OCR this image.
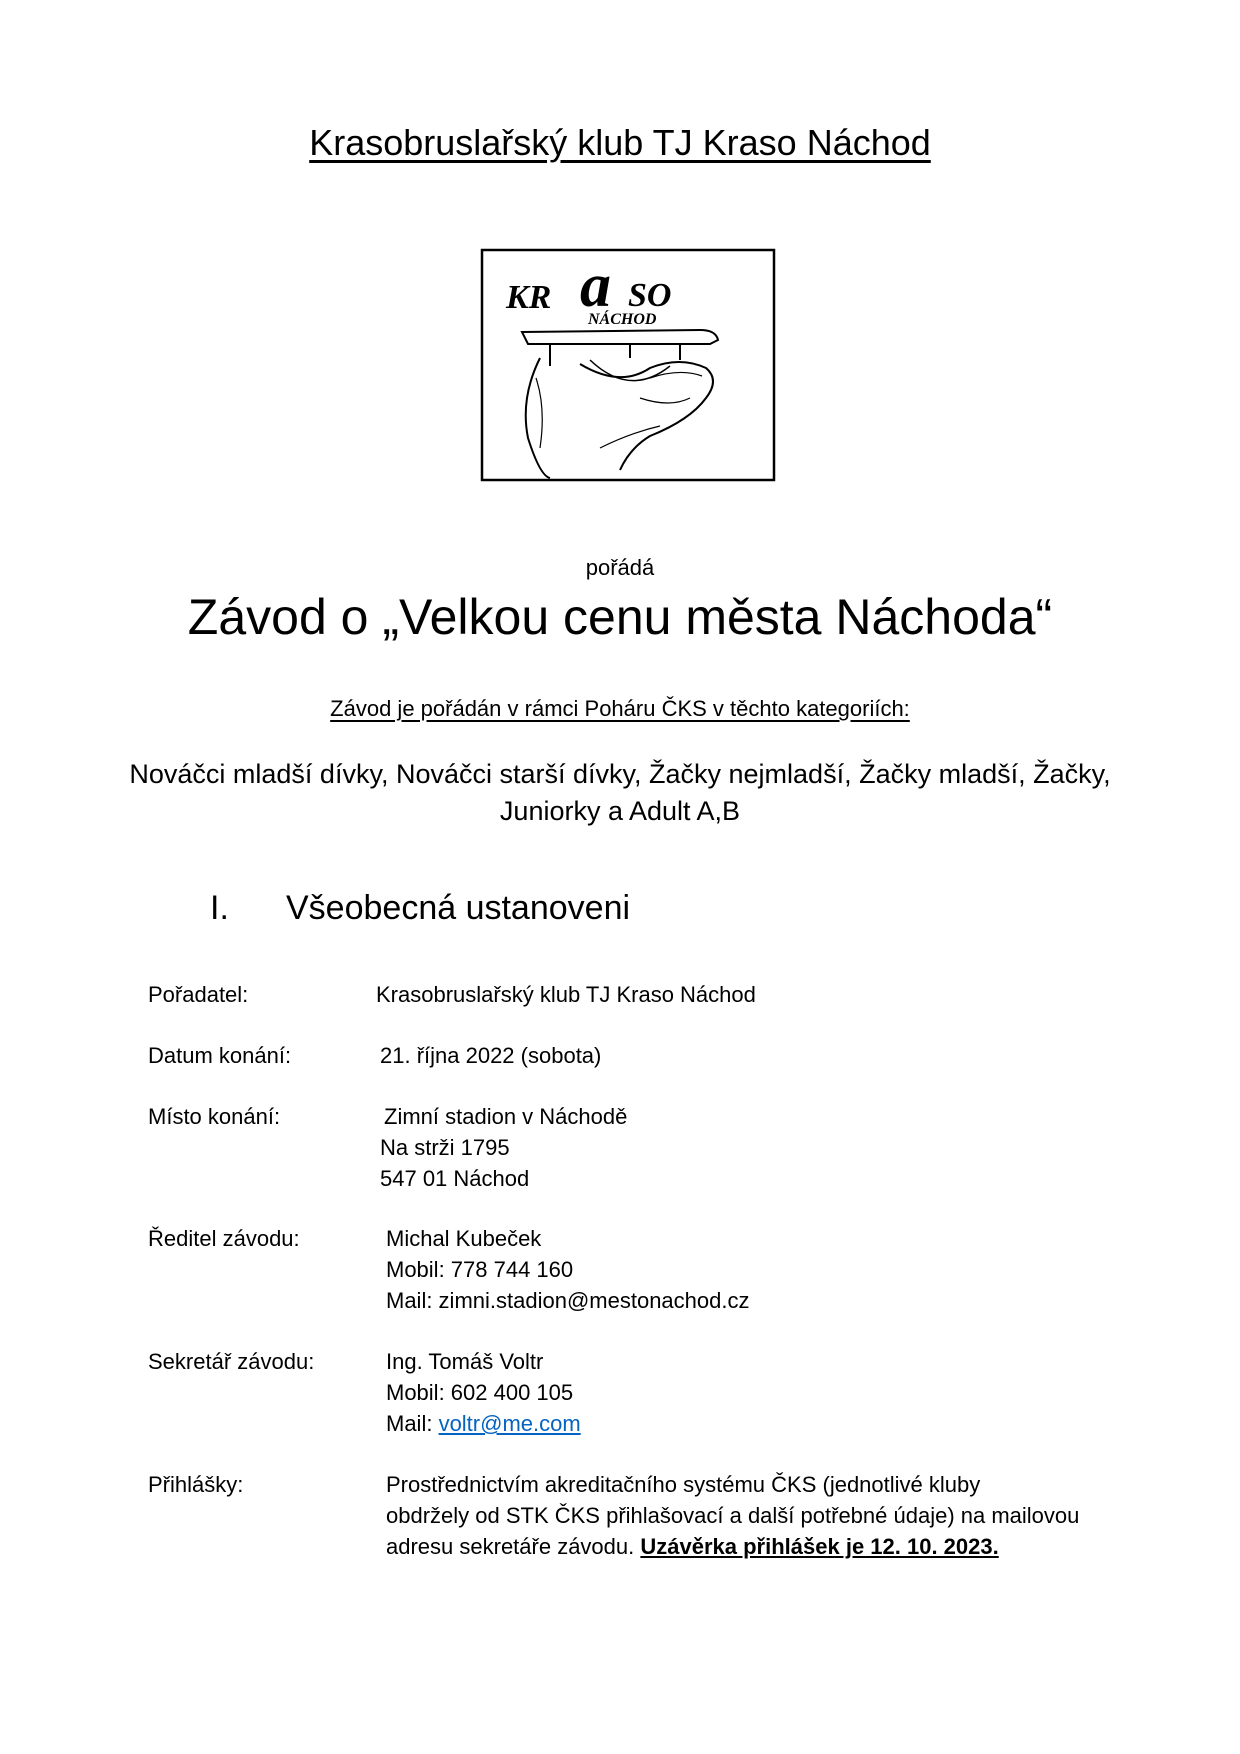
Krasobruslařský klub TJ Kraso Náchod
KR a SO
NÁCHOD
pořádá
Závod o „Velkou cenu města Náchoda“
Závod je pořádán v rámci Poháru ČKS v těchto kategoriích:
Nováčci mladší dívky, Nováčci starší dívky, Žačky nejmladší, Žačky mladší, Žačky,
Juniorky a Adult A,B
I. Všeobecná ustanoveni
Pořadatel:	Krasobruslařský klub TJ Kraso Náchod
Datum konání:	21. října 2022 (sobota)
Místo konání:	Zimní stadion v Náchodě
Na strži 1795
547 01 Náchod
Ředitel závodu:	Michal Kubeček
Mobil: 778 744 160
Mail: zimni.stadion@mestonachod.cz
Sekretář závodu:	Ing. Tomáš Voltr
Mobil: 602 400 105
Mail: voltr@me.com
Přihlášky:	Prostřednictvím akreditačního systému ČKS (jednotlivé kluby
obdržely od STK ČKS přihlašovací a další potřebné údaje) na mailovou
adresu sekretáře závodu. Uzávěrka přihlášek je 12. 10. 2023.
